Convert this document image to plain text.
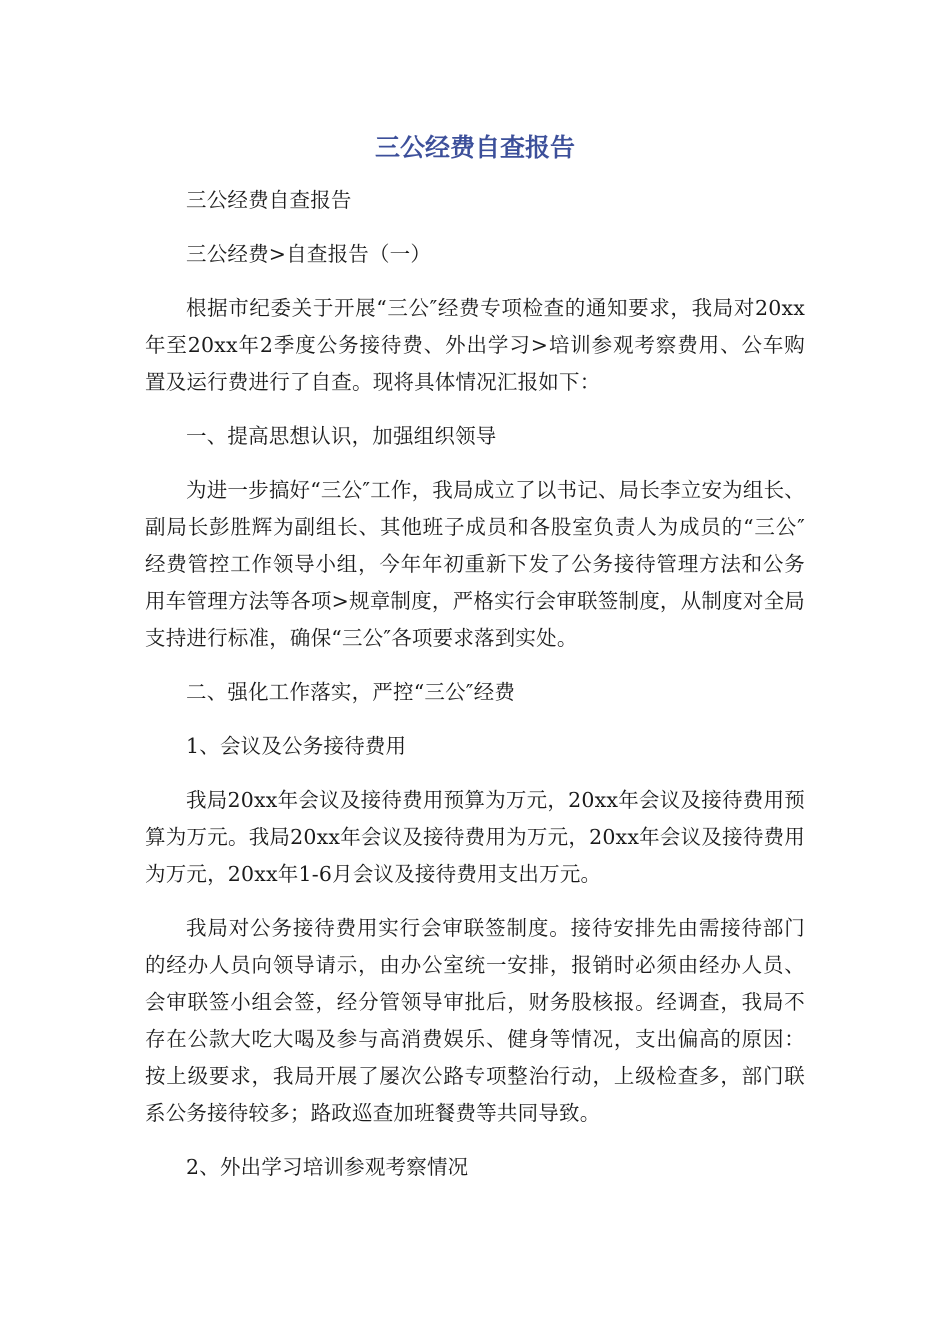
三公经费自查报告

三公经费自查报告

三公经费>自查报告（一）

根据市纪委关于开展“三公″经费专项检查的通知要求，我局对20xx年至20xx年2季度公务接待费、外出学习>培训参观考察费用、公车购置及运行费进行了自查。现将具体情况汇报如下：

一、提高思想认识，加强组织领导

为进一步搞好“三公″工作，我局成立了以书记、局长李立安为组长、副局长彭胜辉为副组长、其他班子成员和各股室负责人为成员的“三公″经费管控工作领导小组，今年年初重新下发了公务接待管理方法和公务用车管理方法等各项>规章制度，严格实行会审联签制度，从制度对全局支持进行标准，确保“三公″各项要求落到实处。

二、强化工作落实，严控“三公″经费

1、会议及公务接待费用

我局20xx年会议及接待费用预算为万元，20xx年会议及接待费用预算为万元。我局20xx年会议及接待费用为万元，20xx年会议及接待费用为万元，20xx年1-6月会议及接待费用支出万元。

我局对公务接待费用实行会审联签制度。接待安排先由需接待部门的经办人员向领导请示，由办公室统一安排，报销时必须由经办人员、会审联签小组会签，经分管领导审批后，财务股核报。经调查，我局不存在公款大吃大喝及参与高消费娱乐、健身等情况，支出偏高的原因：按上级要求，我局开展了屡次公路专项整治行动，上级检查多，部门联系公务接待较多；路政巡查加班餐费等共同导致。

2、外出学习培训参观考察情况
